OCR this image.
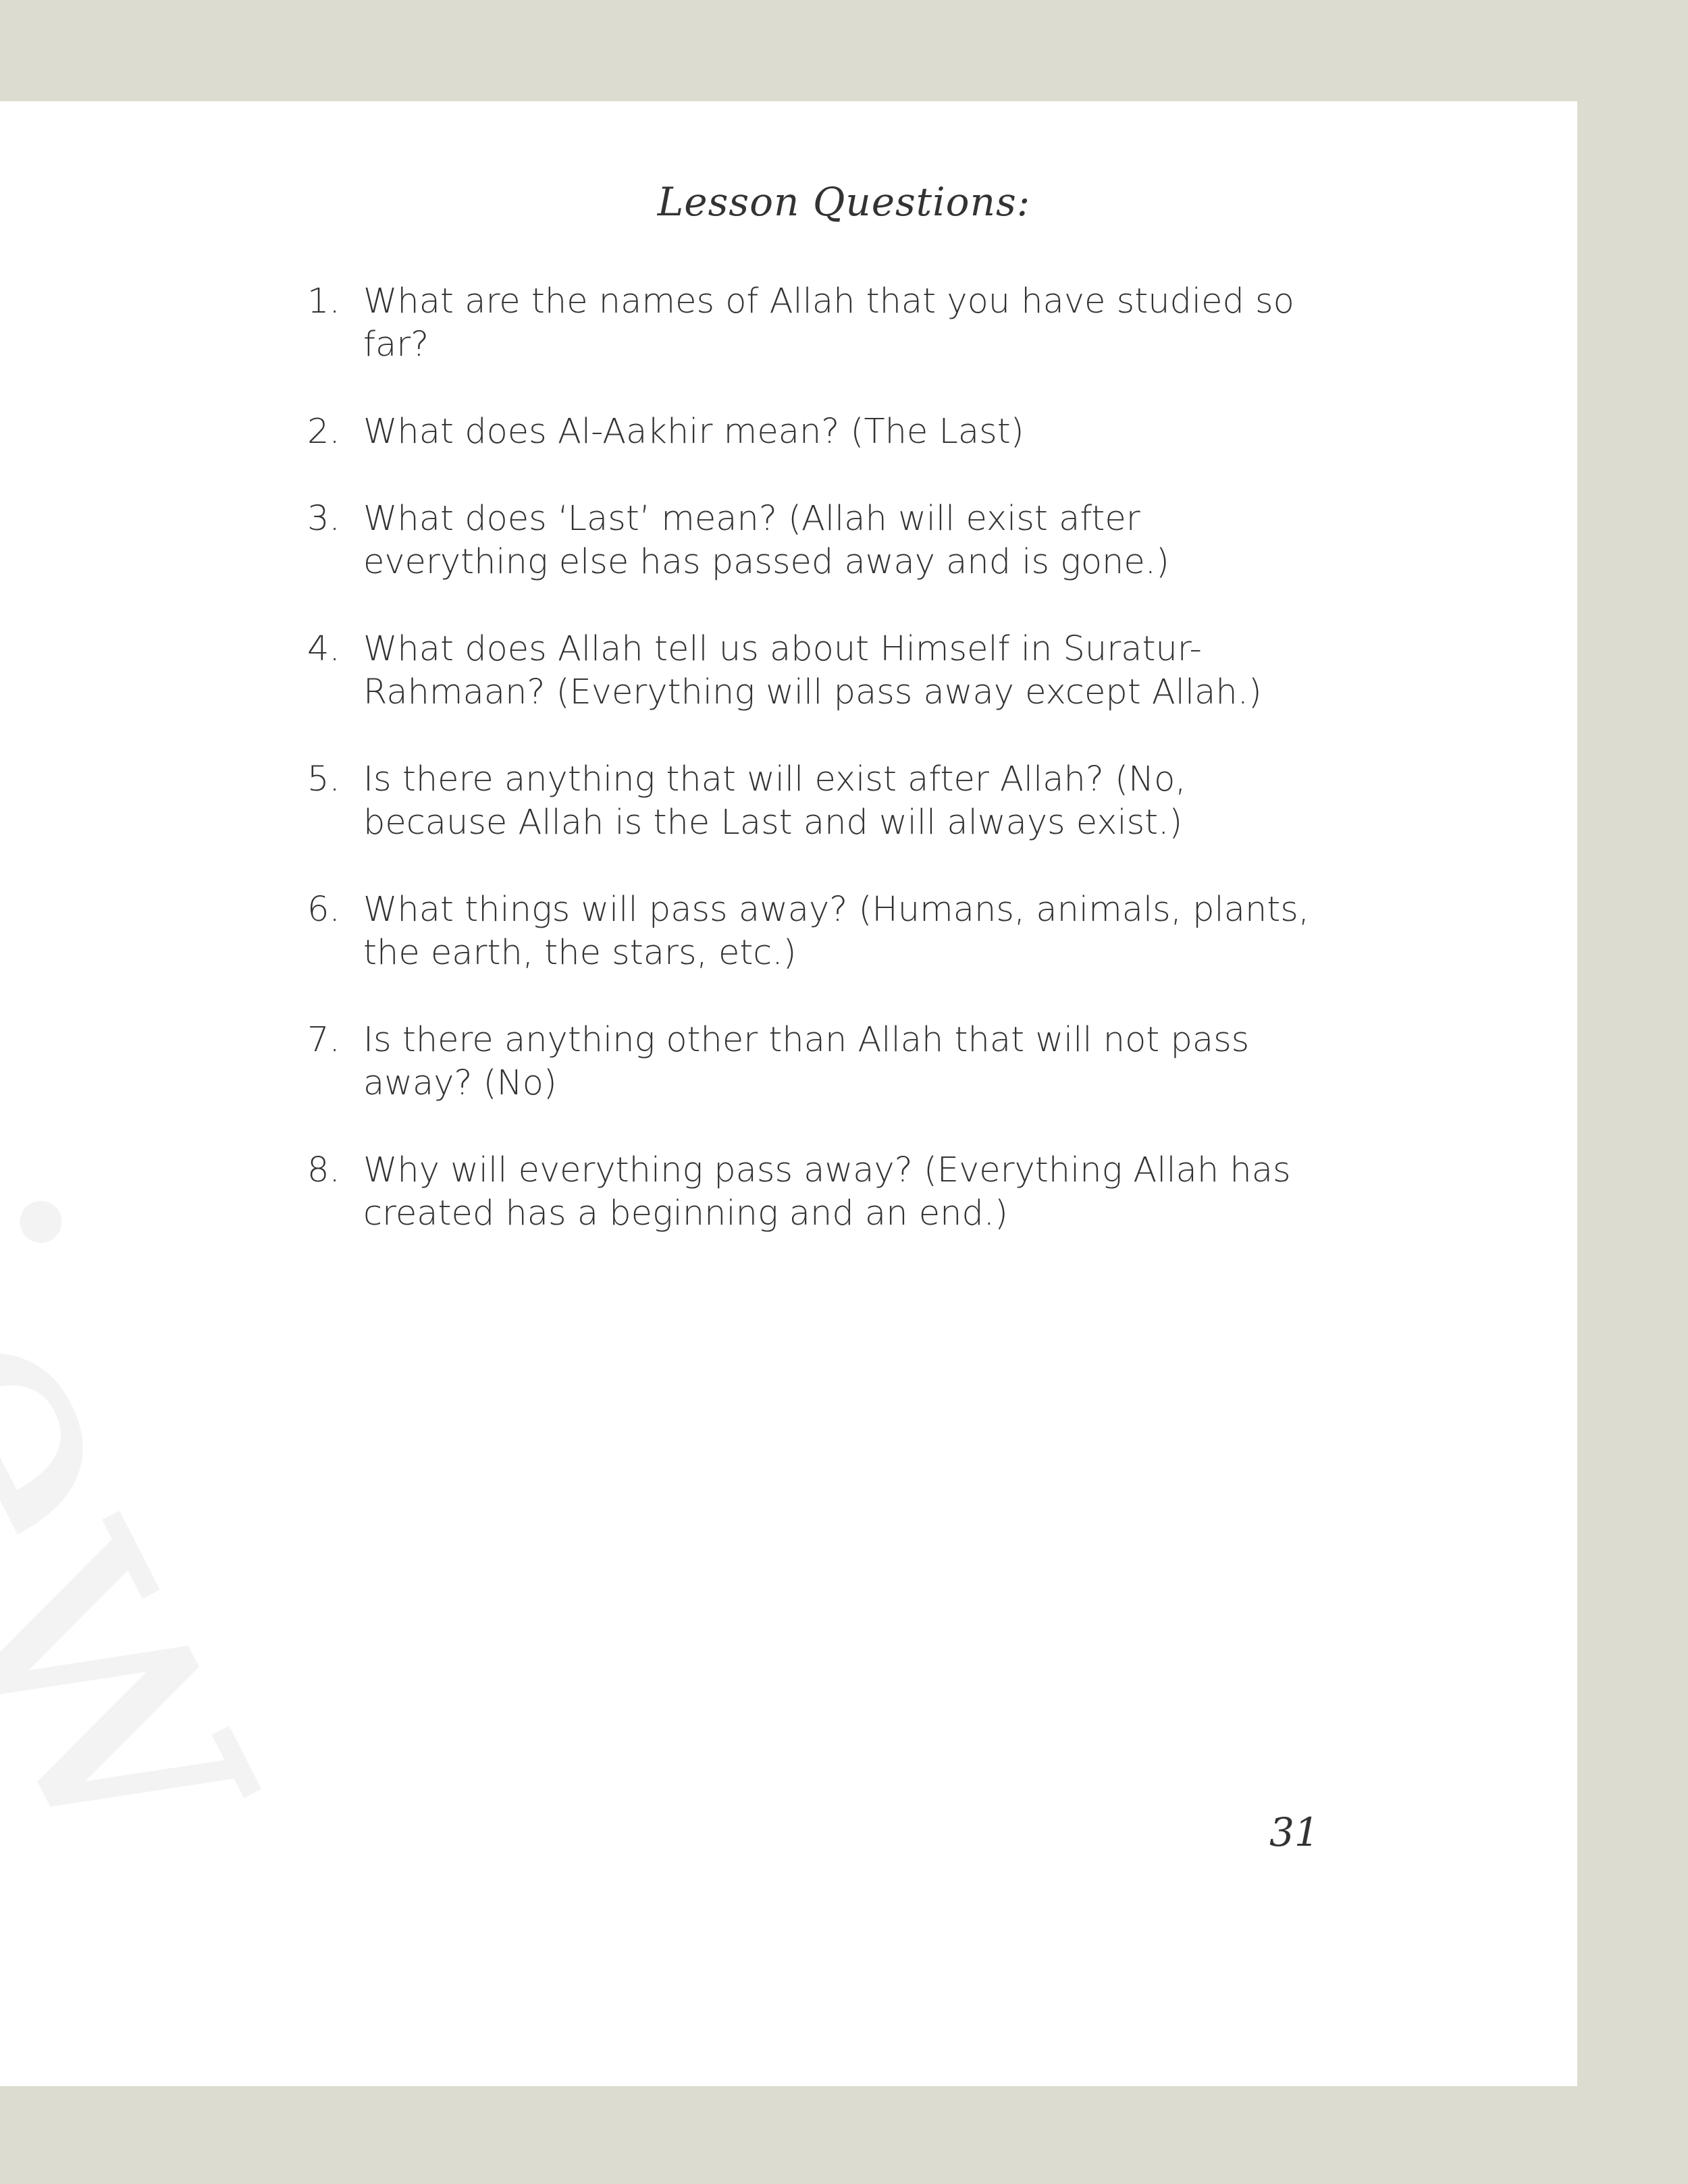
Lesson Questions:
1. What are the names of Allah that you have studied so far?
2. What does Al-Aakhir mean? (The Last)
3. What does ‘Last’ mean? (Allah will exist after everything else has passed away and is gone.)
4. What does Allah tell us about Himself in Suratur-Rahmaan? (Everything will pass away except Allah.)
5. Is there anything that will exist after Allah? (No, because Allah is the Last and will always exist.)
6. What things will pass away? (Humans, animals, plants, the earth, the stars, etc.)
7. Is there anything other than Allah that will not pass away? (No)
8. Why will everything pass away? (Everything Allah has created has a beginning and an end.)
31
